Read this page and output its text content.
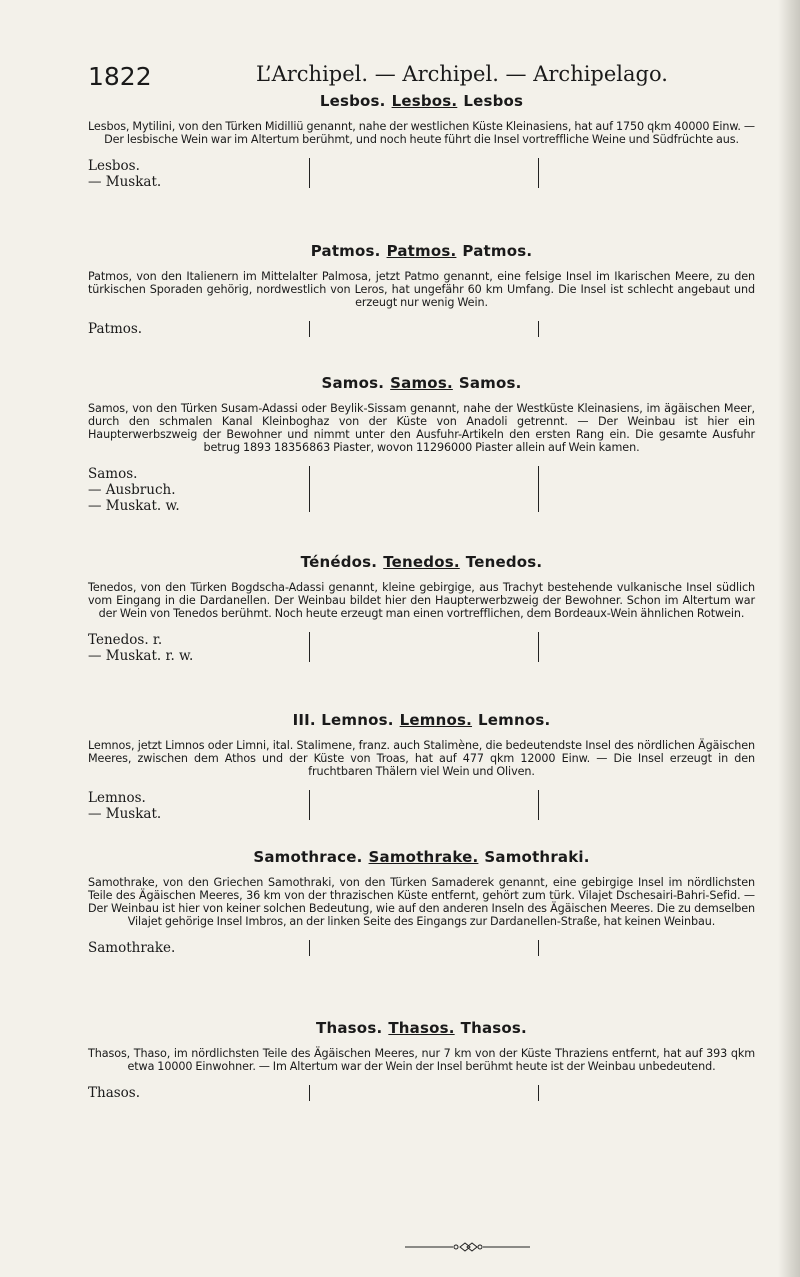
1822	L’Archipel. — Archipel. — Archipelago.
Lesbos. Lesbos. Lesbos
Lesbos, Mytilini, von den Türken Midilliü genannt, nahe der westlichen Küste Kleinasiens, hat auf 1750 qkm 40000 Einw. — Der lesbische Wein war im Altertum berühmt, und noch heute führt die Insel vortreffliche Weine und Südfrüchte aus.
Lesbos.
— Muskat.
Patmos. Patmos. Patmos.
Patmos, von den Italienern im Mittelalter Palmosa, jetzt Patmo genannt, eine felsige Insel im Ikarischen Meere, zu den türkischen Sporaden gehörig, nordwestlich von Leros, hat ungefähr 60 km Umfang. Die Insel ist schlecht angebaut und erzeugt nur wenig Wein.
Patmos.
Samos. Samos. Samos.
Samos, von den Türken Susam-Adassi oder Beylik-Sissam genannt, nahe der Westküste Kleinasiens, im ägäischen Meer, durch den schmalen Kanal Kleinboghaz von der Küste von Anadoli getrennt. — Der Weinbau ist hier ein Haupterwerbszweig der Bewohner und nimmt unter den Ausfuhr-Artikeln den ersten Rang ein. Die gesamte Ausfuhr betrug 1893 18356863 Piaster, wovon 11296000 Piaster allein auf Wein kamen.
Samos.
— Ausbruch.
— Muskat. w.
Ténédos. Tenedos. Tenedos.
Tenedos, von den Türken Bogdscha-Adassi genannt, kleine gebirgige, aus Trachyt bestehende vulkanische Insel südlich vom Eingang in die Dardanellen. Der Weinbau bildet hier den Haupterwerbzweig der Bewohner. Schon im Altertum war der Wein von Tenedos berühmt. Noch heute erzeugt man einen vortrefflichen, dem Bordeaux-Wein ähnlichen Rotwein.
Tenedos. r.
— Muskat. r. w.
III. Lemnos. Lemnos. Lemnos.
Lemnos, jetzt Limnos oder Limni, ital. Stalimene, franz. auch Stalimène, die bedeutendste Insel des nördlichen Ägäischen Meeres, zwischen dem Athos und der Küste von Troas, hat auf 477 qkm 12000 Einw. — Die Insel erzeugt in den fruchtbaren Thälern viel Wein und Oliven.
Lemnos.
— Muskat.
Samothrace. Samothrake. Samothraki.
Samothrake, von den Griechen Samothraki, von den Türken Samaderek genannt, eine gebirgige Insel im nördlichsten Teile des Ägäischen Meeres, 36 km von der thrazischen Küste entfernt, gehört zum türk. Vilajet Dschesairi-Bahri-Sefid. — Der Weinbau ist hier von keiner solchen Bedeutung, wie auf den anderen Inseln des Ägäischen Meeres. Die zu demselben Vilajet gehörige Insel Imbros, an der linken Seite des Eingangs zur Dardanellen-Straße, hat keinen Weinbau.
Samothrake.
Thasos. Thasos. Thasos.
Thasos, Thaso, im nördlichsten Teile des Ägäischen Meeres, nur 7 km von der Küste Thraziens entfernt, hat auf 393 qkm etwa 10000 Einwohner. — Im Altertum war der Wein der Insel berühmt heute ist der Weinbau unbedeutend.
Thasos.
